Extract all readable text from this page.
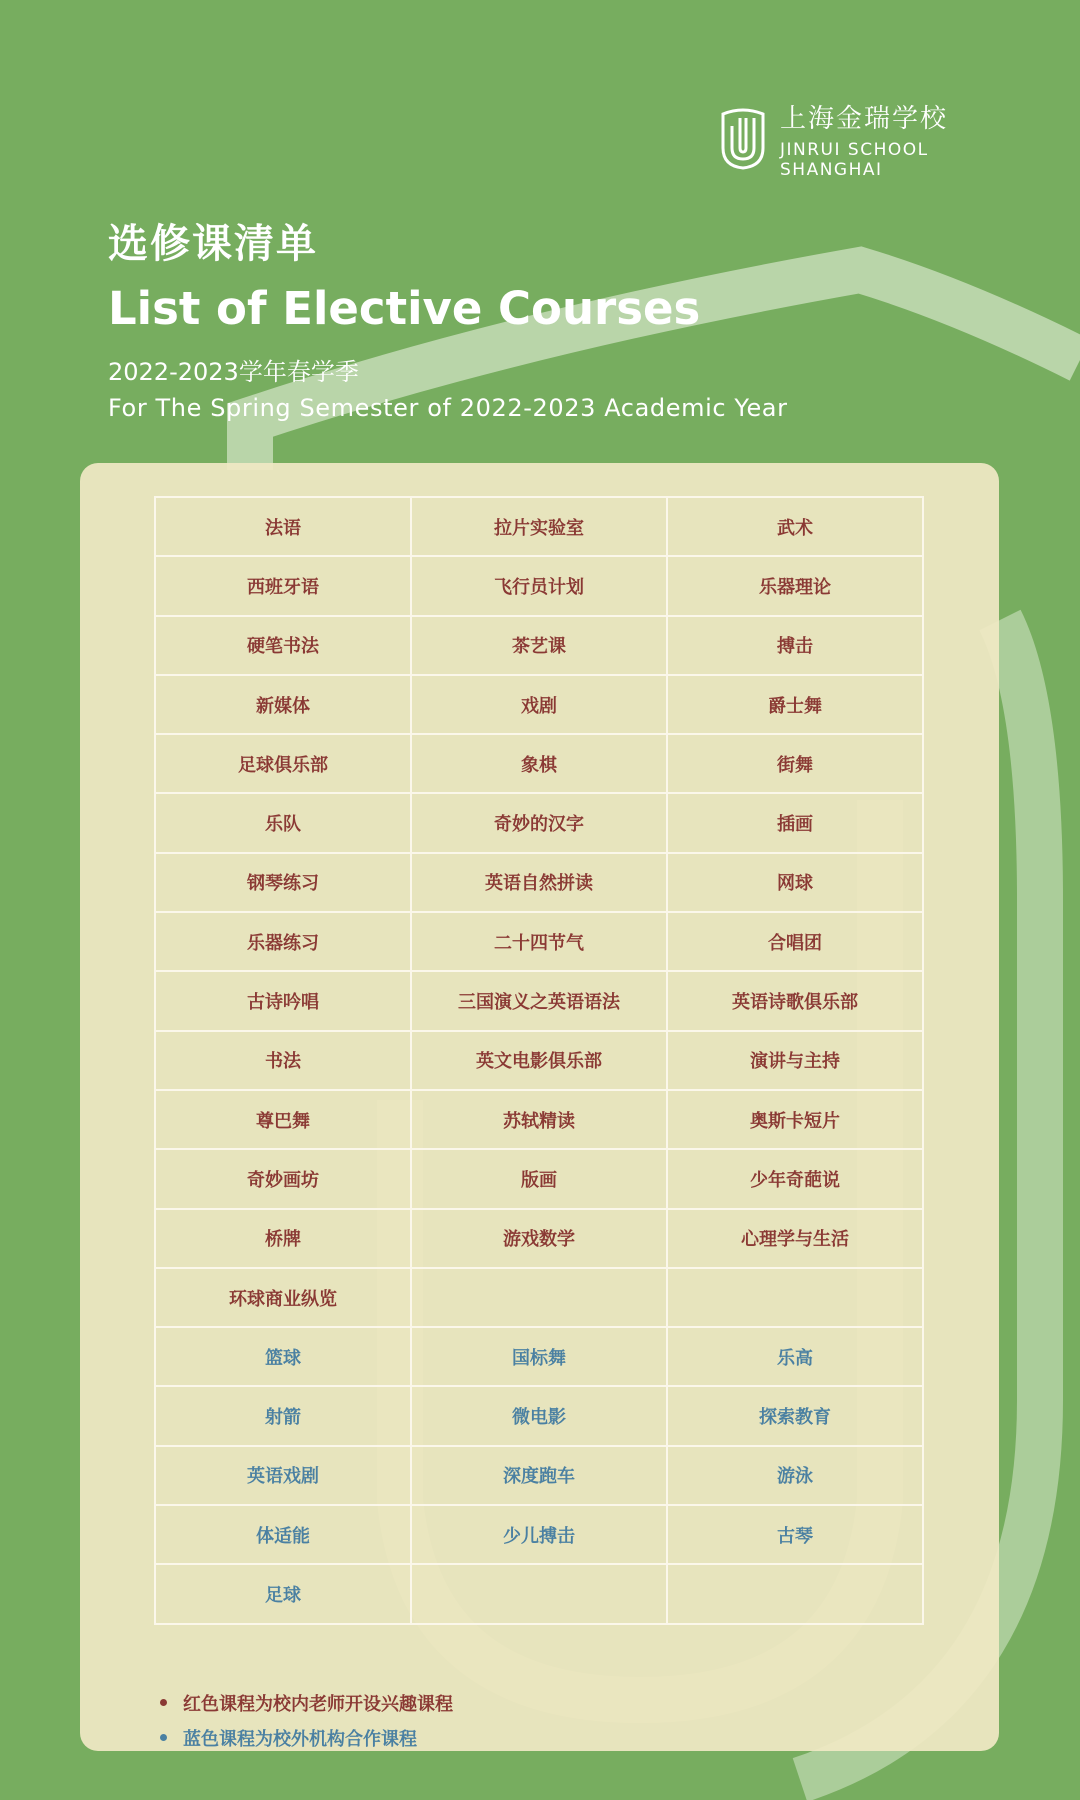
上海金瑞学校
JINRUI SCHOOL
SHANGHAI
选修课清单
List of Elective Courses
2022-2023学年春学季
For The Spring Semester of 2022-2023 Academic Year
法语	拉片实验室	武术
西班牙语	飞行员计划	乐器理论
硬笔书法	茶艺课	搏击
新媒体	戏剧	爵士舞
足球俱乐部	象棋	街舞
乐队	奇妙的汉字	插画
钢琴练习	英语自然拼读	网球
乐器练习	二十四节气	合唱团
古诗吟唱	三国演义之英语语法	英语诗歌俱乐部
书法	英文电影俱乐部	演讲与主持
尊巴舞	苏轼精读	奥斯卡短片
奇妙画坊	版画	少年奇葩说
桥牌	游戏数学	心理学与生活
环球商业纵览		
篮球	国标舞	乐高
射箭	微电影	探索教育
英语戏剧	深度跑车	游泳
体适能	少儿搏击	古琴
足球		
红色课程为校内老师开设兴趣课程
蓝色课程为校外机构合作课程
